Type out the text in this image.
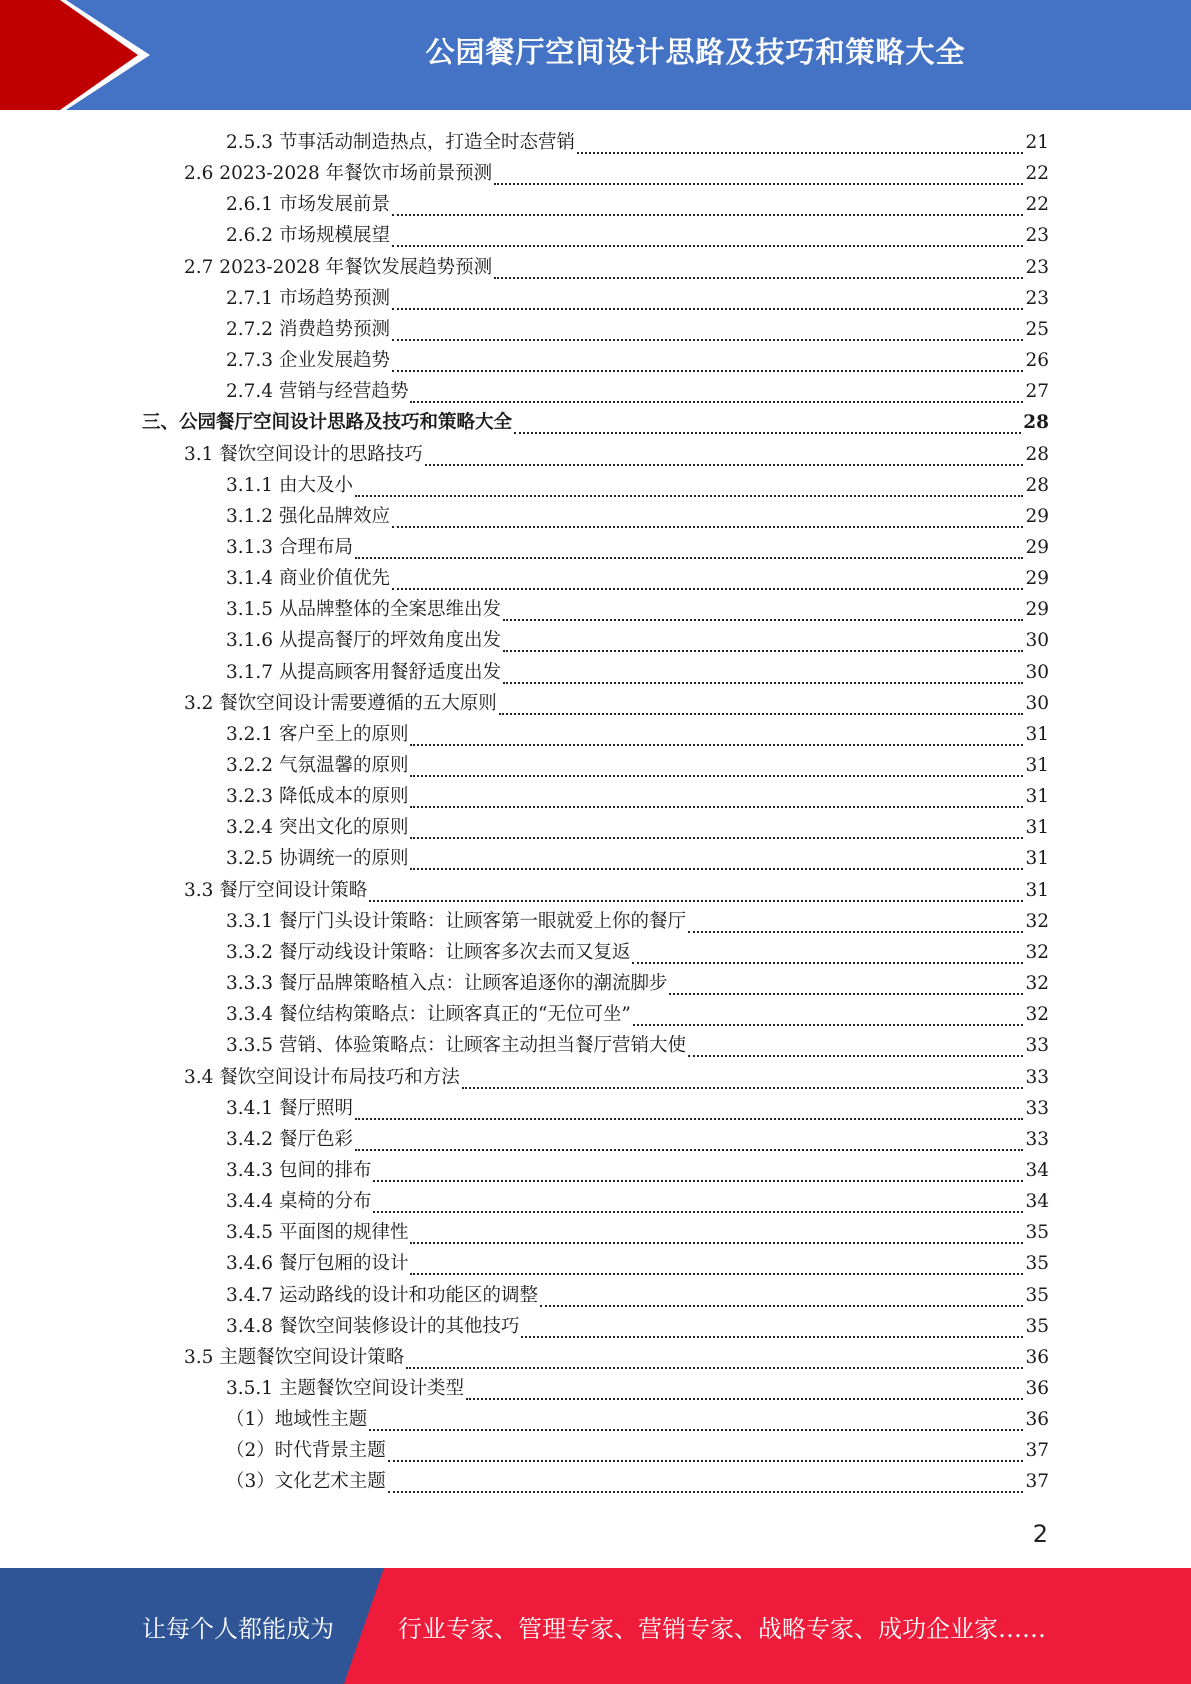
公园餐厅空间设计思路及技巧和策略大全
2.5.3 节事活动制造热点，打造全时态营销	21
2.6 2023-2028 年餐饮市场前景预测	22
2.6.1 市场发展前景	22
2.6.2 市场规模展望	23
2.7 2023-2028 年餐饮发展趋势预测	23
2.7.1 市场趋势预测	23
2.7.2 消费趋势预测	25
2.7.3 企业发展趋势	26
2.7.4 营销与经营趋势	27
三、公园餐厅空间设计思路及技巧和策略大全	28
3.1 餐饮空间设计的思路技巧	28
3.1.1 由大及小	28
3.1.2 强化品牌效应	29
3.1.3 合理布局	29
3.1.4 商业价值优先	29
3.1.5 从品牌整体的全案思维出发	29
3.1.6 从提高餐厅的坪效角度出发	30
3.1.7 从提高顾客用餐舒适度出发	30
3.2 餐饮空间设计需要遵循的五大原则	30
3.2.1 客户至上的原则	31
3.2.2 气氛温馨的原则	31
3.2.3 降低成本的原则	31
3.2.4 突出文化的原则	31
3.2.5 协调统一的原则	31
3.3 餐厅空间设计策略	31
3.3.1 餐厅门头设计策略：让顾客第一眼就爱上你的餐厅	32
3.3.2 餐厅动线设计策略：让顾客多次去而又复返	32
3.3.3 餐厅品牌策略植入点：让顾客追逐你的潮流脚步	32
3.3.4 餐位结构策略点：让顾客真正的“无位可坐”	32
3.3.5 营销、体验策略点：让顾客主动担当餐厅营销大使	33
3.4 餐饮空间设计布局技巧和方法	33
3.4.1 餐厅照明	33
3.4.2 餐厅色彩	33
3.4.3 包间的排布	34
3.4.4 桌椅的分布	34
3.4.5 平面图的规律性	35
3.4.6 餐厅包厢的设计	35
3.4.7 运动路线的设计和功能区的调整	35
3.4.8 餐饮空间装修设计的其他技巧	35
3.5 主题餐饮空间设计策略	36
3.5.1 主题餐饮空间设计类型	36
（1）地域性主题	36
（2）时代背景主题	37
（3）文化艺术主题	37
2
让每个人都能成为	行业专家、管理专家、营销专家、战略专家、成功企业家……
